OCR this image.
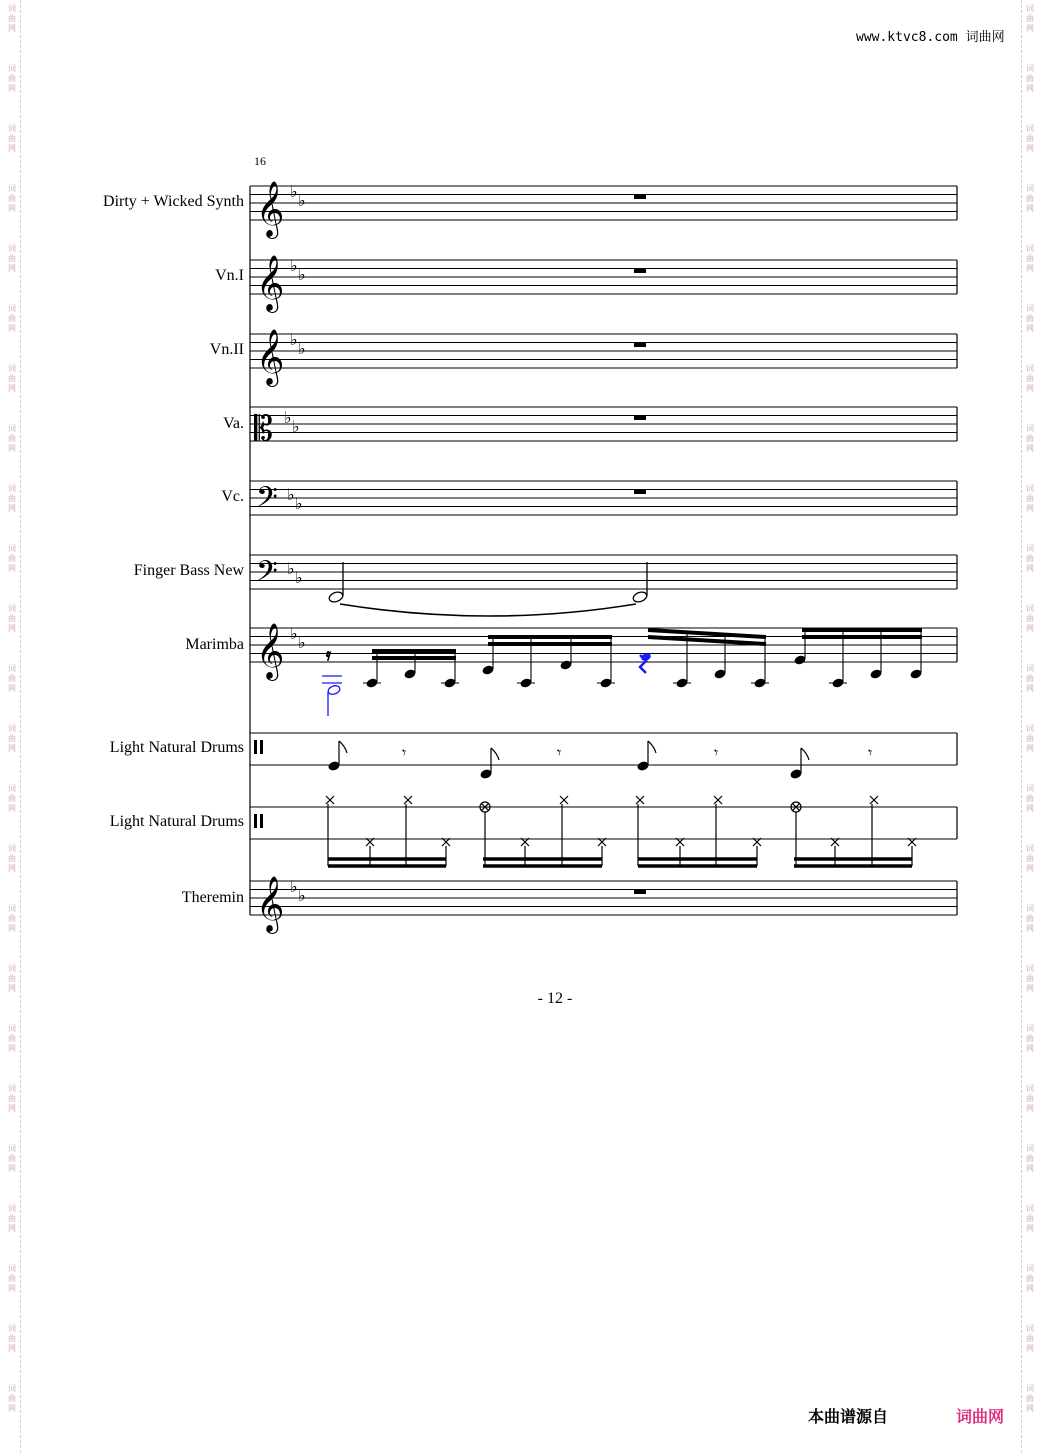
词
曲
网
词
曲
网
词
曲
网
词
曲
网
词
曲
网
词
曲
网
词
曲
网
词
曲
网
词
曲
网
词
曲
网
词
曲
网
词
曲
网
词
曲
网
词
曲
网
词
曲
网
词
曲
网
词
曲
网
词
曲
网
词
曲
网
词
曲
网
词
曲
网
词
曲
网
词
曲
网
词
曲
网
词
曲
网
词
曲
网
词
曲
网
词
曲
网
词
曲
网
词
曲
网
词
曲
网
词
曲
网
词
曲
网
词
曲
网
词
曲
网
词
曲
网
词
曲
网
词
曲
网
词
曲
网
词
曲
网
词
曲
网
词
曲
网
词
曲
网
词
曲
网
词
曲
网
词
曲
网
词
曲
网
词
曲
网
www.ktvc8.com 词曲网
16
Dirty + Wicked Synth
Vn.I
Vn.II
Va.
Vc.
Finger Bass New
Marimba
Light Natural Drums
Light Natural Drums
Theremin
𝄞
𝄞
𝄞
𝄡
𝄢
𝄢
𝄞
𝄞
♭ ♭
♭ ♭
♭ ♭
♭ ♭
♭ ♭
♭ ♭
♭ ♭
♭ ♭
𝄿
𝄾	𝄾	𝄾	𝄾
- 12 -
本曲谱源自	词曲网
